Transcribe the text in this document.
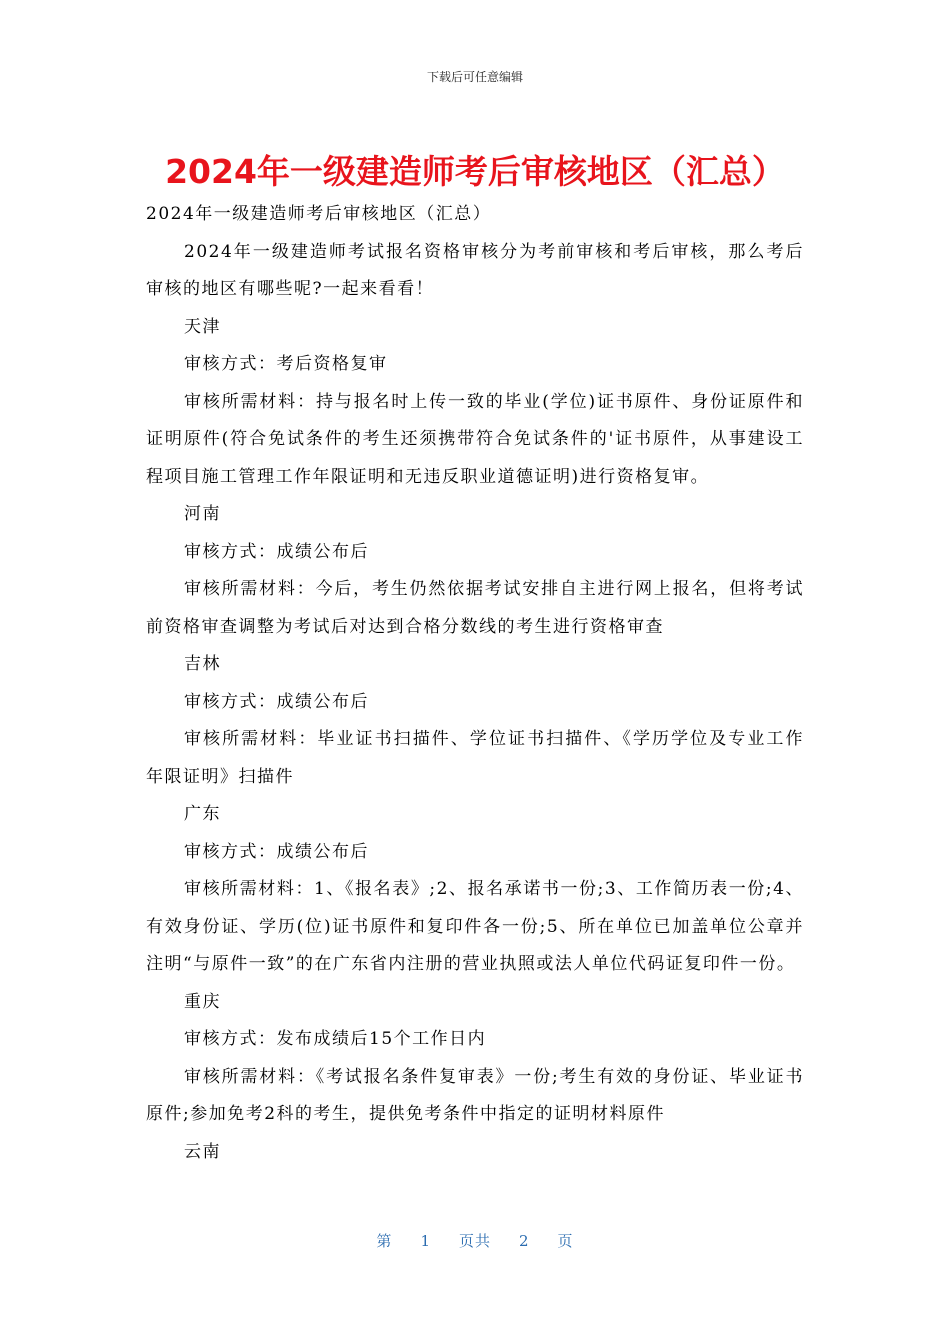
下载后可任意编辑
2024年一级建造师考后审核地区（汇总）

2024年一级建造师考后审核地区（汇总）

2024年一级建造师考试报名资格审核分为考前审核和考后审核，那么考后审核的地区有哪些呢?一起来看看！

天津

审核方式：考后资格复审

审核所需材料：持与报名时上传一致的毕业(学位)证书原件、身份证原件和证明原件(符合免试条件的考生还须携带符合免试条件的'证书原件，从事建设工程项目施工管理工作年限证明和无违反职业道德证明)进行资格复审。

河南

审核方式：成绩公布后

审核所需材料：今后，考生仍然依据考试安排自主进行网上报名，但将考试前资格审查调整为考试后对达到合格分数线的考生进行资格审查

吉林

审核方式：成绩公布后

审核所需材料：毕业证书扫描件、学位证书扫描件、《学历学位及专业工作年限证明》扫描件

广东

审核方式：成绩公布后

审核所需材料：1、《报名表》;2、报名承诺书一份;3、工作简历表一份;4、有效身份证、学历(位)证书原件和复印件各一份;5、所在单位已加盖单位公章并注明“与原件一致”的在广东省内注册的营业执照或法人单位代码证复印件一份。

重庆

审核方式：发布成绩后15个工作日内

审核所需材料：《考试报名条件复审表》一份;考生有效的身份证、毕业证书原件;参加免考2科的考生，提供免考条件中指定的证明材料原件

云南

第 1 页共 2 页
